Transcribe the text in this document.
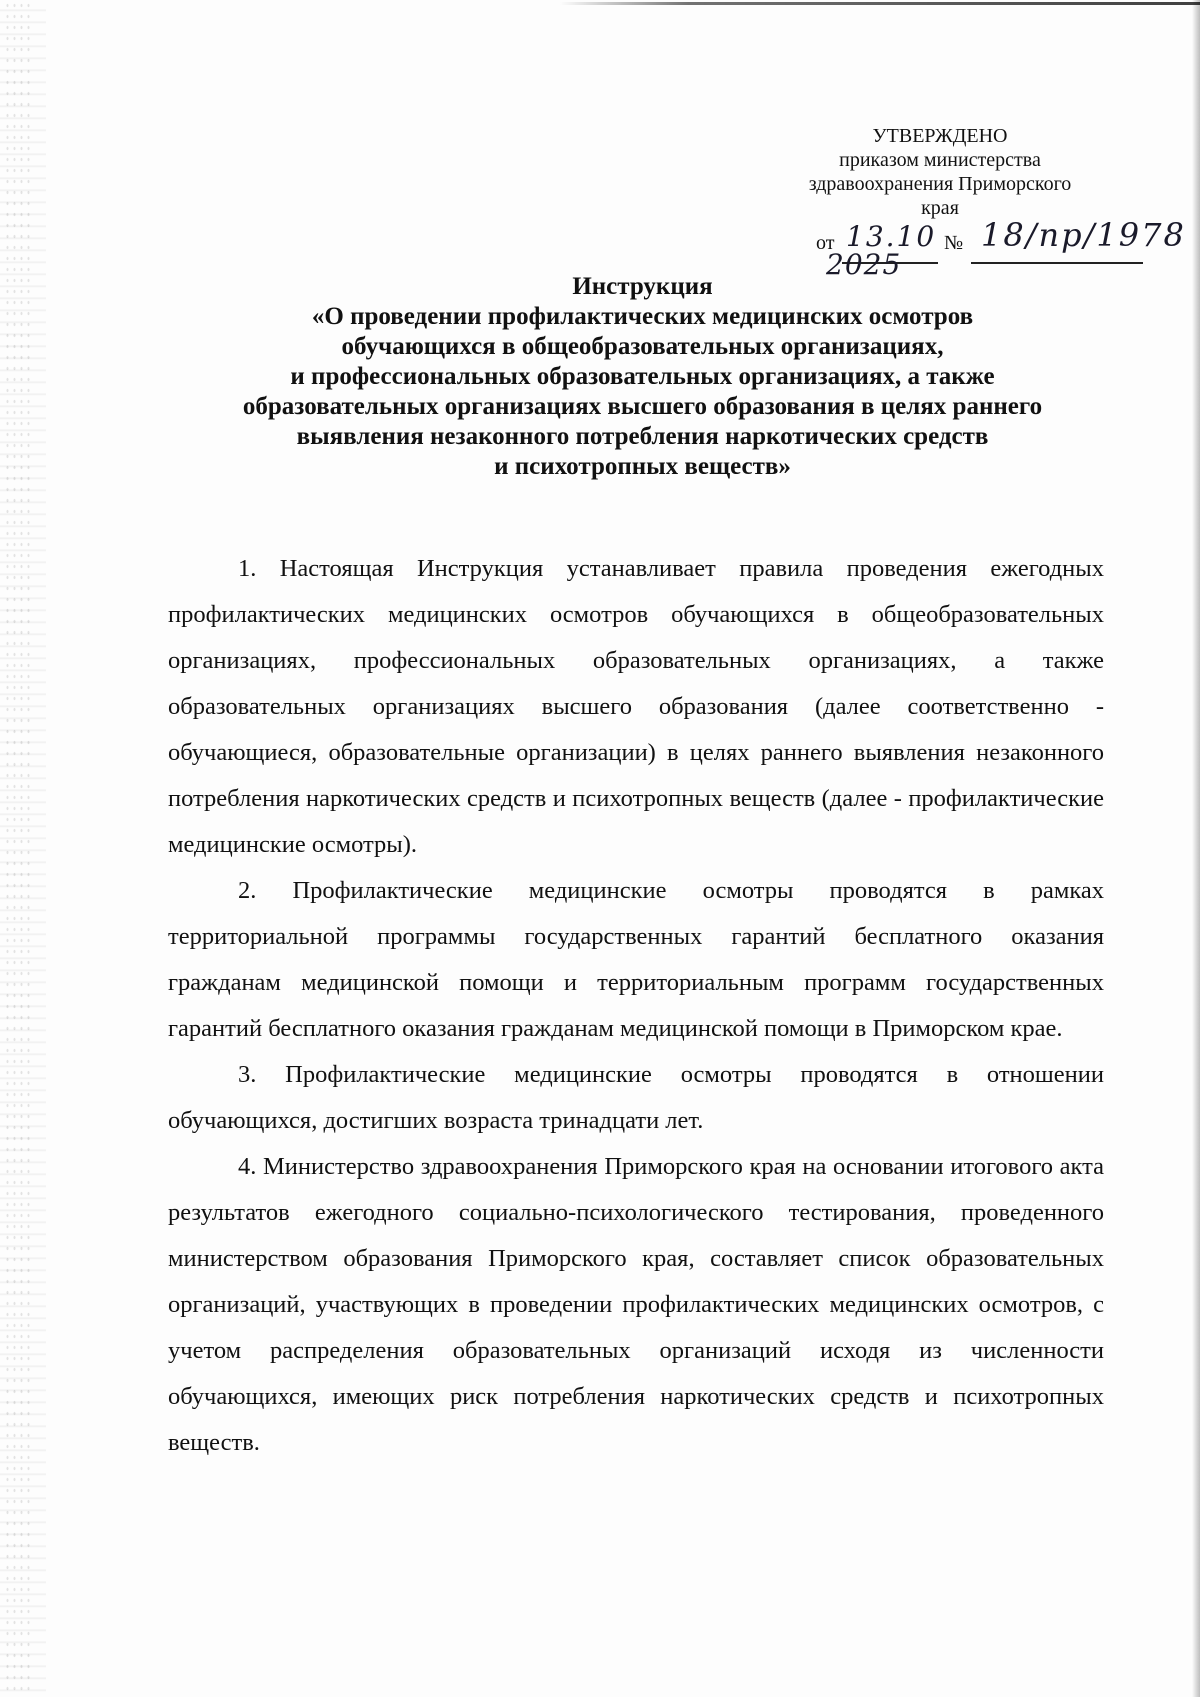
УТВЕРЖДЕНО
приказом министерства
здравоохранения Приморского
края
от 13.10
2025
№ 18/пр/1978
Инструкция
«О проведении профилактических медицинских осмотров
обучающихся в общеобразовательных организациях,
и профессиональных образовательных организациях, а также
образовательных организациях высшего образования в целях раннего
выявления незаконного потребления наркотических средств
и психотропных веществ»

1. Настоящая Инструкция устанавливает правила проведения ежегодных профилактических медицинских осмотров обучающихся в общеобразовательных организациях, профессиональных образовательных организациях, а также образовательных организациях высшего образования (далее соответственно - обучающиеся, образовательные организации) в целях раннего выявления незаконного потребления наркотических средств и психотропных веществ (далее - профилактические медицинские осмотры).

2. Профилактические медицинские осмотры проводятся в рамках территориальной программы государственных гарантий бесплатного оказания гражданам медицинской помощи и территориальным программ государственных гарантий бесплатного оказания гражданам медицинской помощи в Приморском крае.

3. Профилактические медицинские осмотры проводятся в отношении обучающихся, достигших возраста тринадцати лет.

4. Министерство здравоохранения Приморского края на основании итогового акта результатов ежегодного социально-психологического тестирования, проведенного министерством образования Приморского края, составляет список образовательных организаций, участвующих в проведении профилактических медицинских осмотров, с учетом распределения образовательных организаций исходя из численности обучающихся, имеющих риск потребления наркотических средств и психотропных веществ.
